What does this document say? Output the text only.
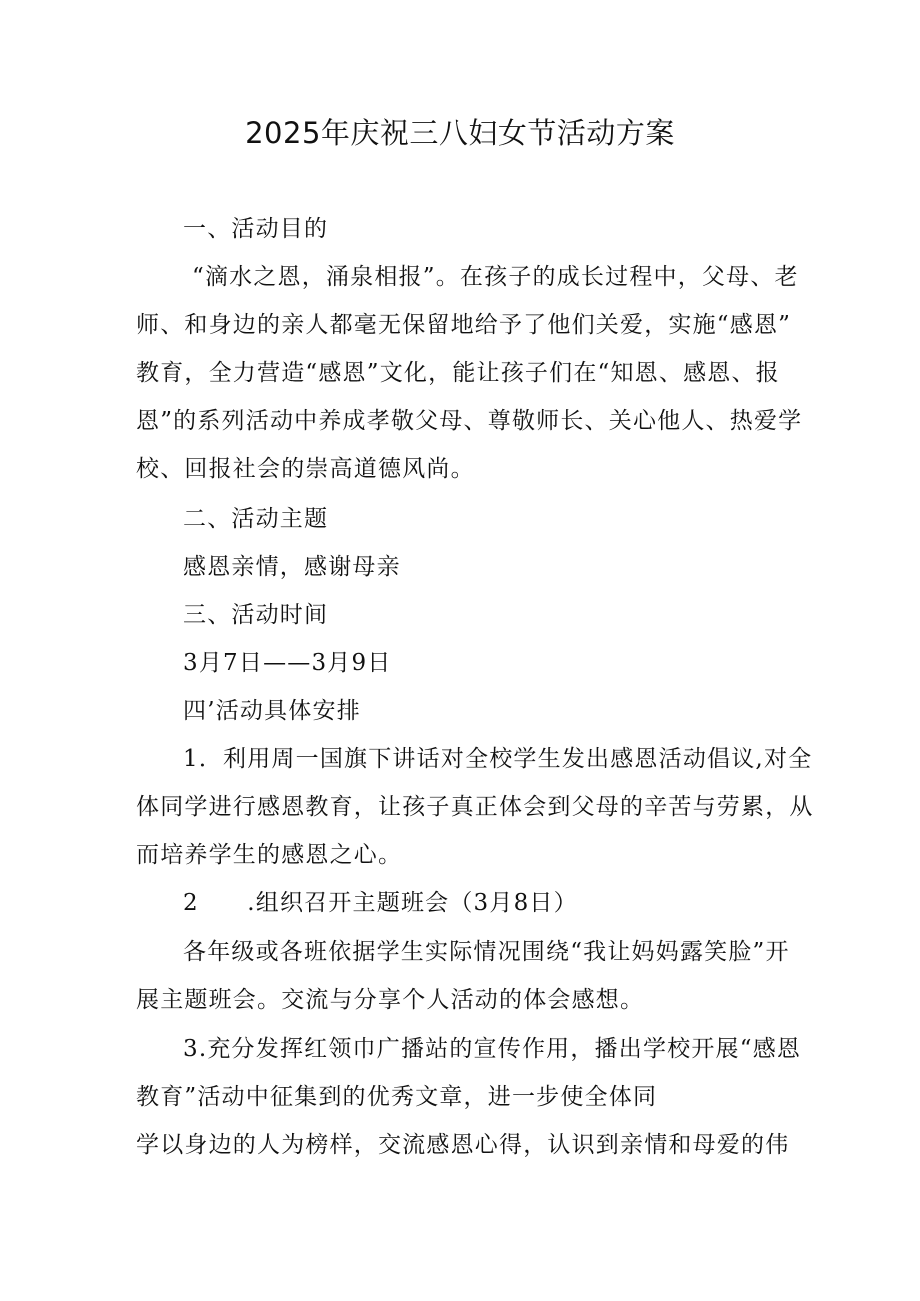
2025年庆祝三八妇女节活动方案
一、活动目的
“滴水之恩，涌泉相报”。在孩子的成长过程中，父母、老
师、和身边的亲人都毫无保留地给予了他们关爱，实施“感恩”
教育，全力营造“感恩”文化，能让孩子们在“知恩、感恩、报
恩”的系列活动中养成孝敬父母、尊敬师长、关心他人、热爱学
校、回报社会的崇高道德风尚。
二、活动主题
感恩亲情，感谢母亲
三、活动时间
3月7日——3月9日
四’活动具体安排
1．利用周一国旗下讲话对全校学生发出感恩活动倡议,对全
体同学进行感恩教育，让孩子真正体会到父母的辛苦与劳累，从
而培养学生的感恩之心。
2　　.组织召开主题班会（3月8日）
各年级或各班依据学生实际情况围绕“我让妈妈露笑脸”开
展主题班会。交流与分享个人活动的体会感想。
3.充分发挥红领巾广播站的宣传作用，播出学校开展“感恩
教育”活动中征集到的优秀文章，进一步使全体同
学以身边的人为榜样，交流感恩心得，认识到亲情和母爱的伟
